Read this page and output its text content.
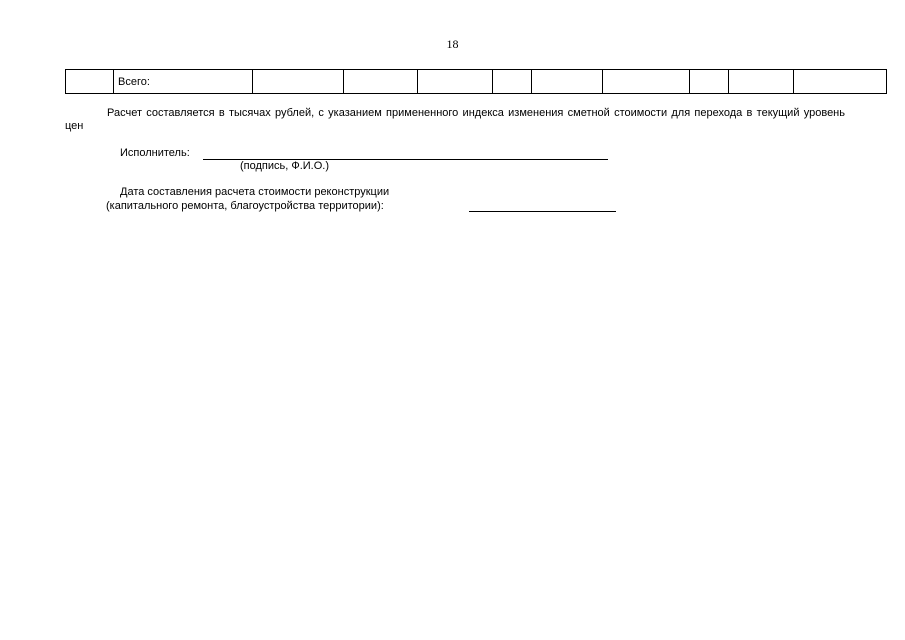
18
	Всего:									

Расчет составляется в тысячах рублей, с указанием примененного индекса изменения сметной стоимости для перехода в текущий уровень цен

Исполнитель:
(подпись, Ф.И.О.)
Дата составления расчета стоимости реконструкции
(капитального ремонта, благоустройства территории):
